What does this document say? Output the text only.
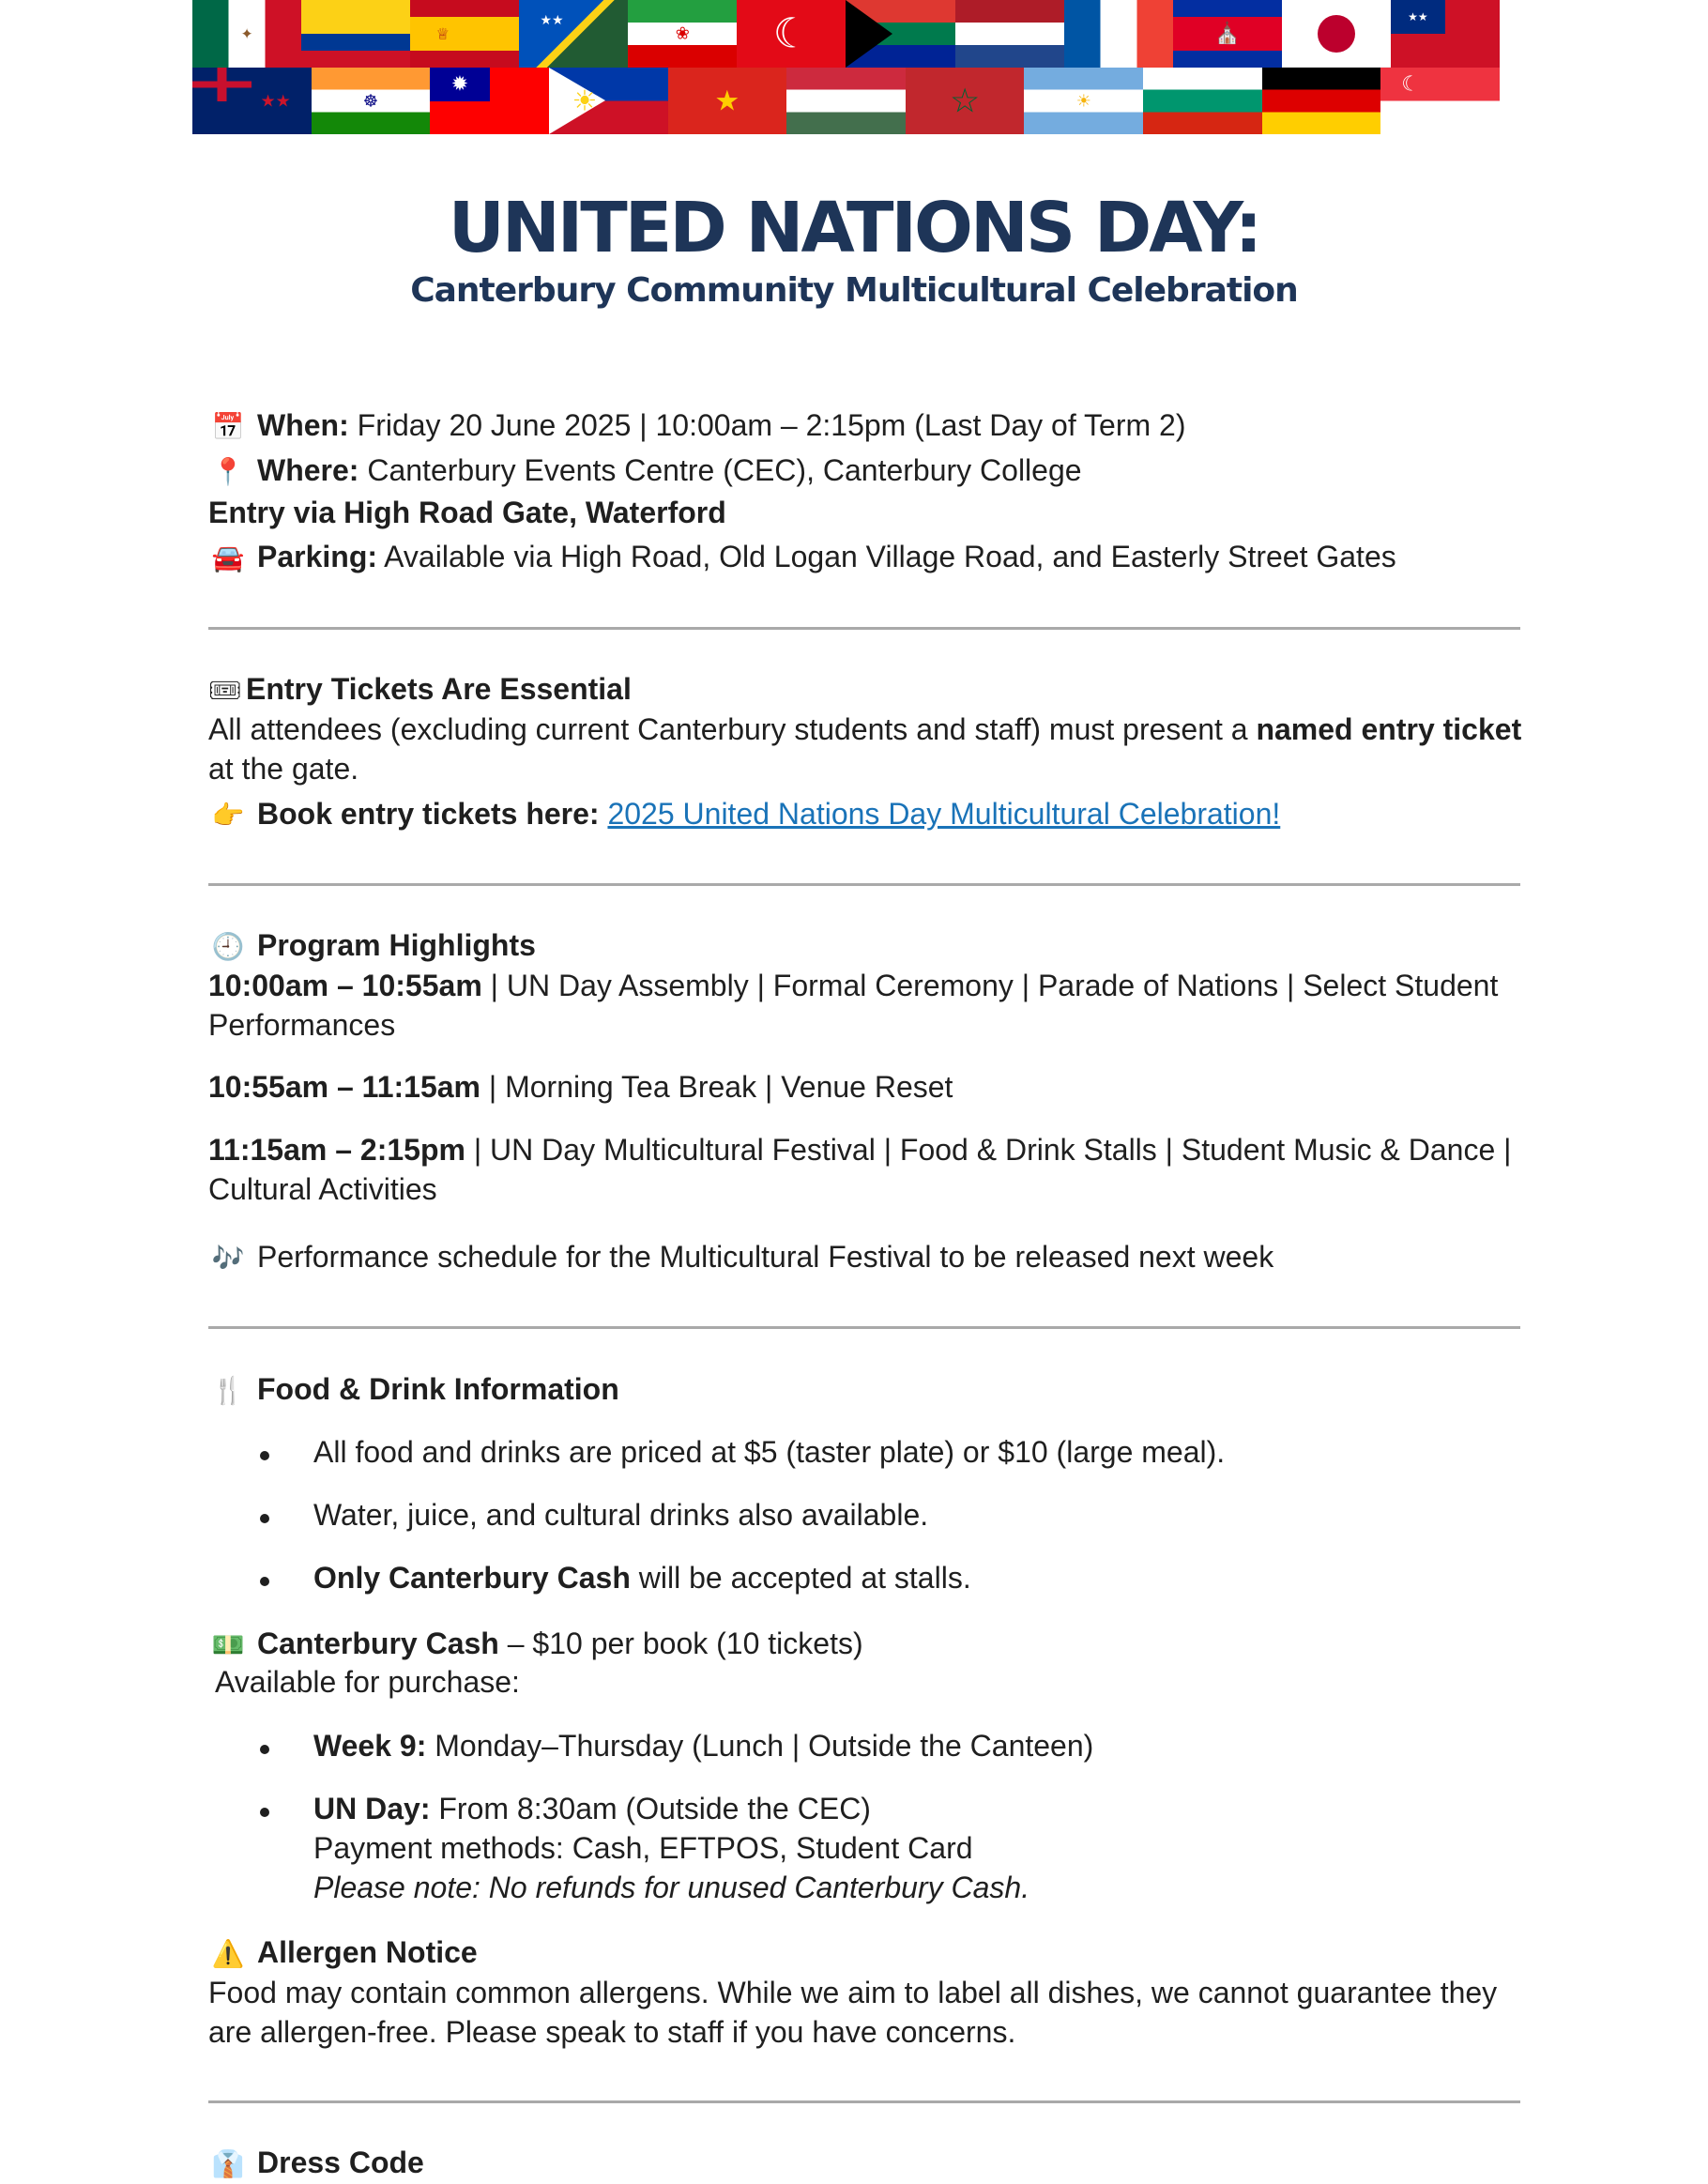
✦	♕
★★
❀ ☾	⛪
★★
★★	☸
✹
☀	★	☆	☀
☾
UNITED NATIONS DAY:
Canterbury Community Multicultural Celebration
📅 When: Friday 20 June 2025 | 10:00am – 2:15pm (Last Day of Term 2)
📍 Where: Canterbury Events Centre (CEC), Canterbury College
Entry via High Road Gate, Waterford
🚘 Parking: Available via High Road, Old Logan Village Road, and Easterly Street Gates
🎟 Entry Tickets Are Essential
All attendees (excluding current Canterbury students and staff) must present a named entry ticket at the gate.
👉 Book entry tickets here: 2025 United Nations Day Multicultural Celebration!
🕘 Program Highlights
10:00am – 10:55am | UN Day Assembly | Formal Ceremony | Parade of Nations | Select Student Performances
10:55am – 11:15am | Morning Tea Break | Venue Reset
11:15am – 2:15pm | UN Day Multicultural Festival | Food & Drink Stalls | Student Music & Dance | Cultural Activities
🎶 Performance schedule for the Multicultural Festival to be released next week
🍴 Food & Drink Information
All food and drinks are priced at $5 (taster plate) or $10 (large meal).
Water, juice, and cultural drinks also available.
Only Canterbury Cash will be accepted at stalls.
💵 Canterbury Cash – $10 per book (10 tickets)
Available for purchase:
Week 9: Monday–Thursday (Lunch | Outside the Canteen)
UN Day: From 8:30am (Outside the CEC)
Payment methods: Cash, EFTPOS, Student Card
Please note: No refunds for unused Canterbury Cash.
⚠️ Allergen Notice
Food may contain common allergens. While we aim to label all dishes, we cannot guarantee they are allergen-free. Please speak to staff if you have concerns.
👔 Dress Code
